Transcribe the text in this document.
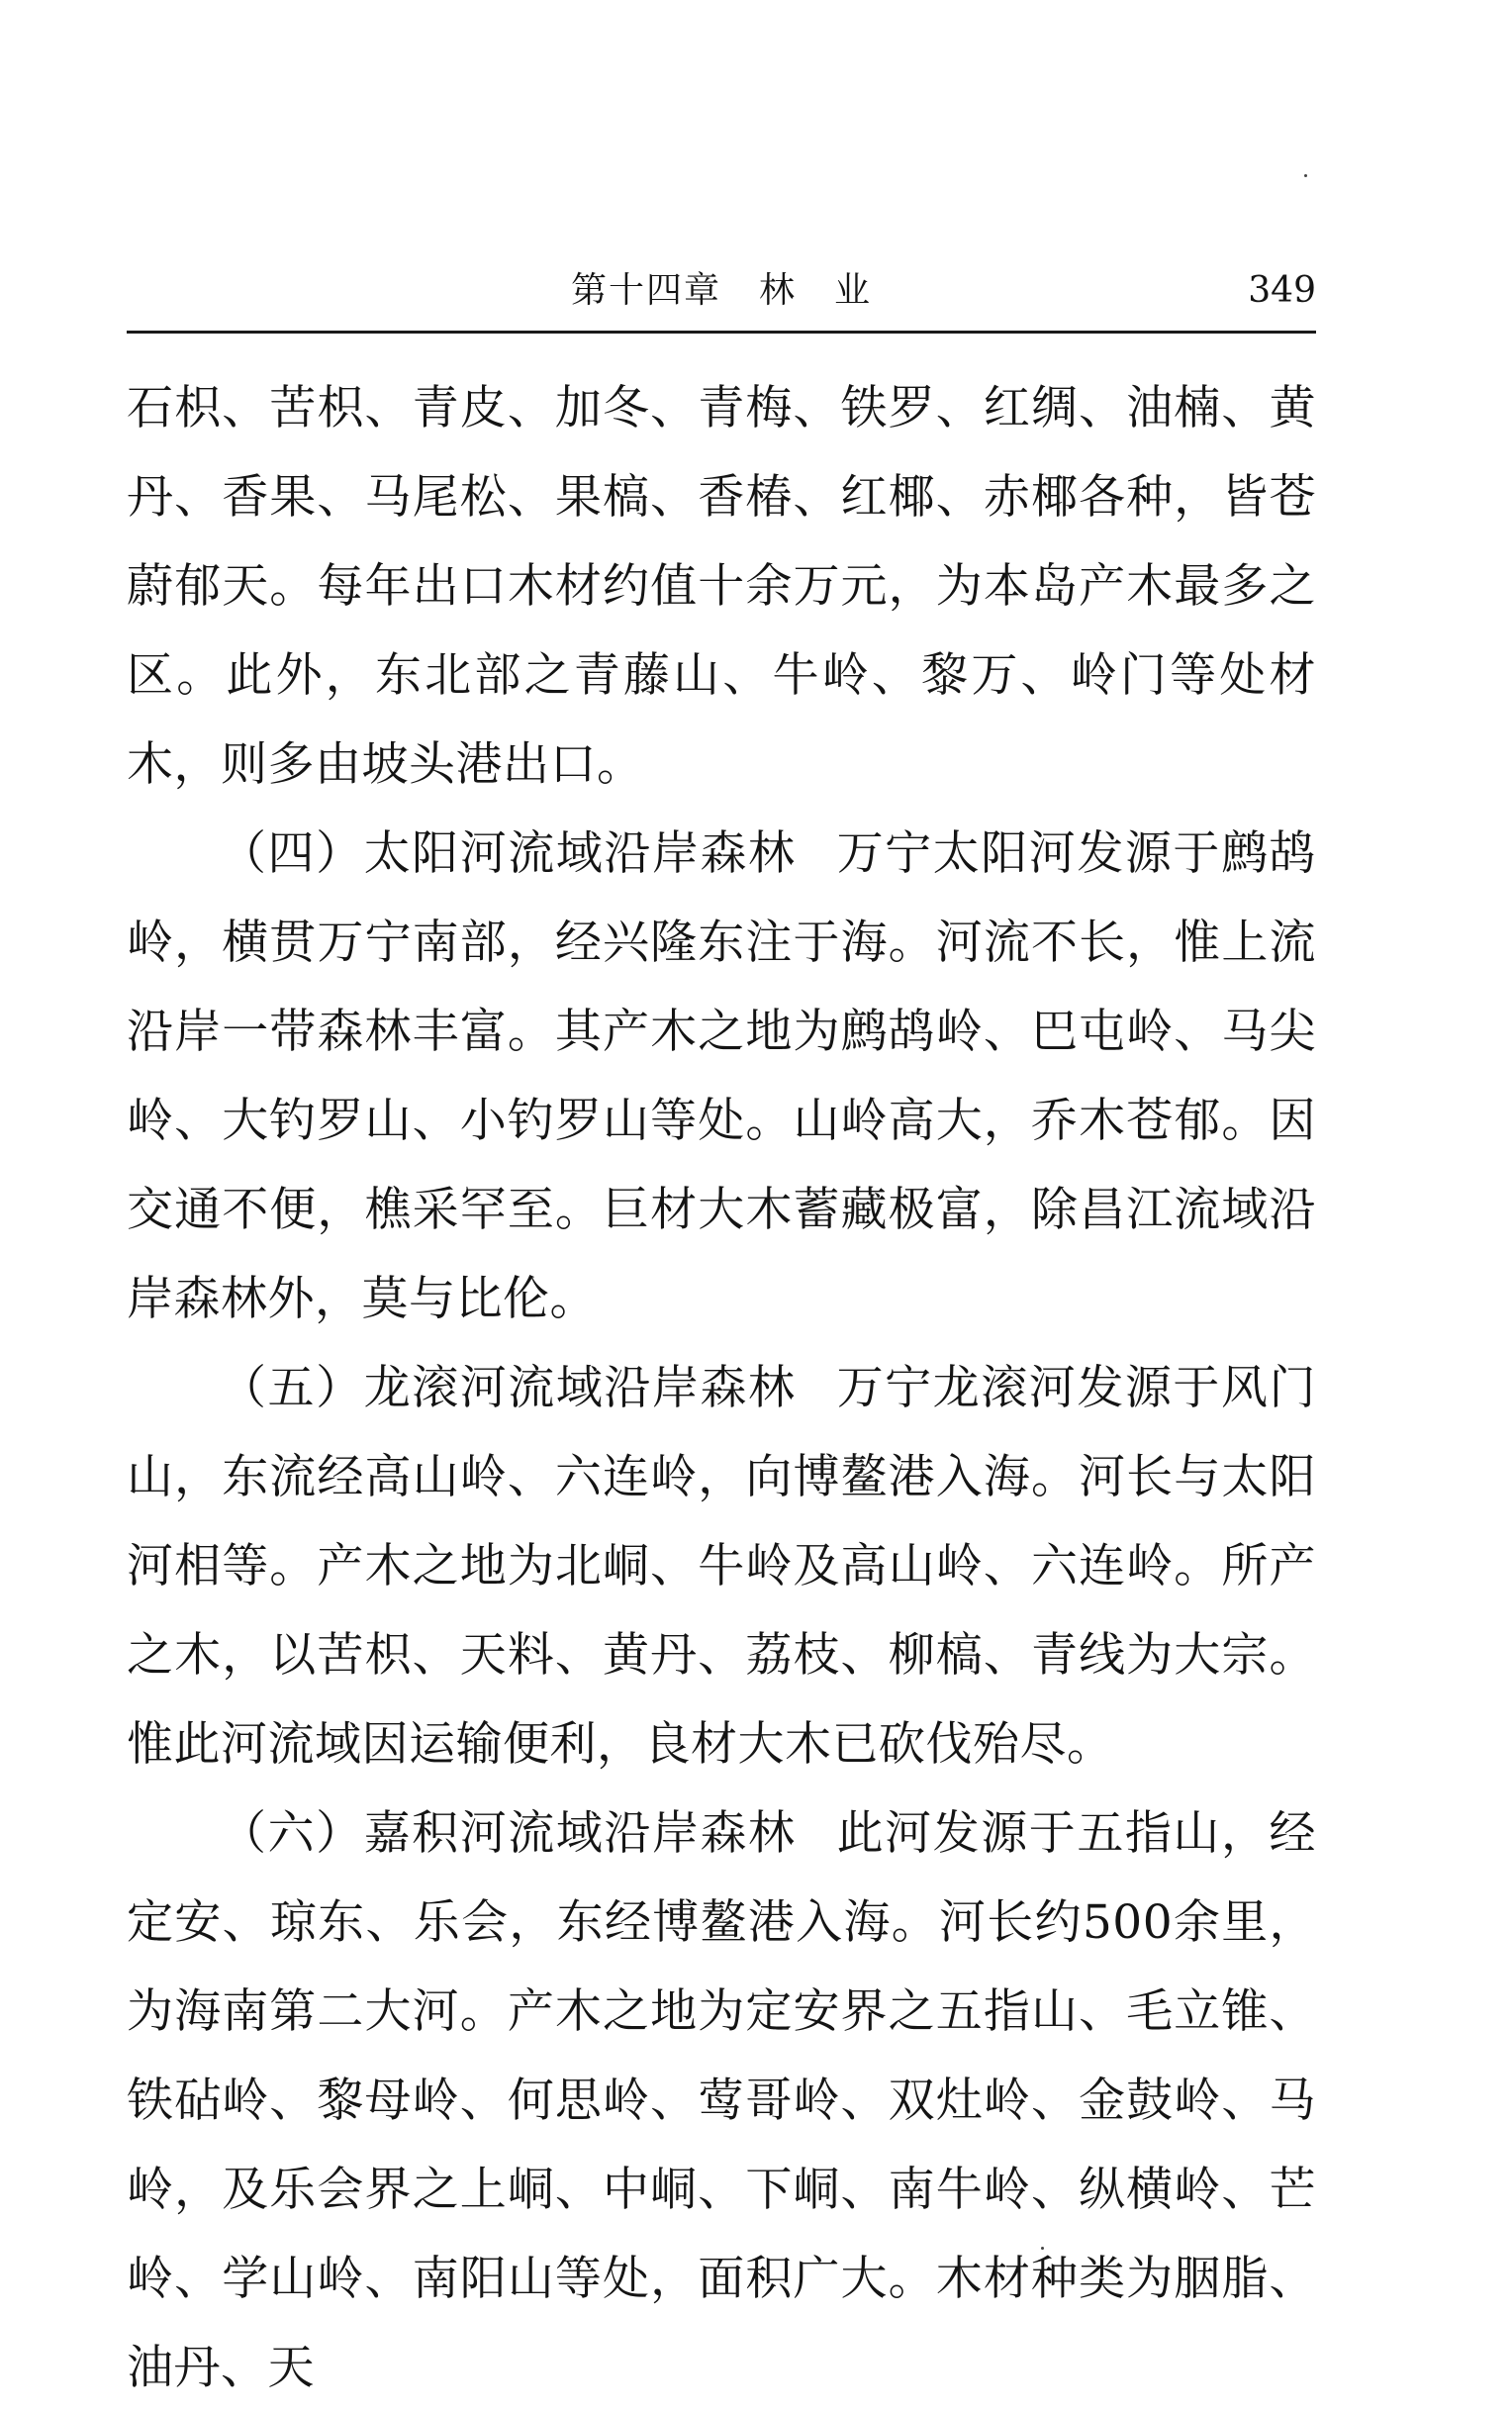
第十四章　林　业	349

石枳、苦枳、青皮、加冬、青梅、铁罗、红绸、油楠、黄丹、香果、马尾松、果槁、香椿、红椰、赤椰各种，皆苍蔚郁天。每年出口木材约值十余万元，为本岛产木最多之区。此外，东北部之青藤山、牛岭、黎万、岭门等处材木，则多由坡头港出口。

（四）太阳河流域沿岸森林 万宁太阳河发源于鹧鸪岭，横贯万宁南部，经兴隆东注于海。河流不长，惟上流沿岸一带森林丰富。其产木之地为鹧鸪岭、巴屯岭、马尖岭、大钓罗山、小钓罗山等处。山岭高大，乔木苍郁。因交通不便，樵采罕至。巨材大木蓄藏极富，除昌江流域沿岸森林外，莫与比伦。

（五）龙滚河流域沿岸森林 万宁龙滚河发源于风门山，东流经高山岭、六连岭，向博鳌港入海。河长与太阳河相等。产木之地为北峒、牛岭及高山岭、六连岭。所产之木，以苦枳、天料、黄丹、荔枝、柳槁、青线为大宗。惟此河流域因运输便利，良材大木已砍伐殆尽。

（六）嘉积河流域沿岸森林 此河发源于五指山，经定安、琼东、乐会，东经博鳌港入海。河长约500余里，为海南第二大河。产木之地为定安界之五指山、毛立锥、铁砧岭、黎母岭、何思岭、莺哥岭、双灶岭、金鼓岭、马岭，及乐会界之上峒、中峒、下峒、南牛岭、纵横岭、芒岭、学山岭、南阳山等处，面积广大。木材种类为胭脂、油丹、天
